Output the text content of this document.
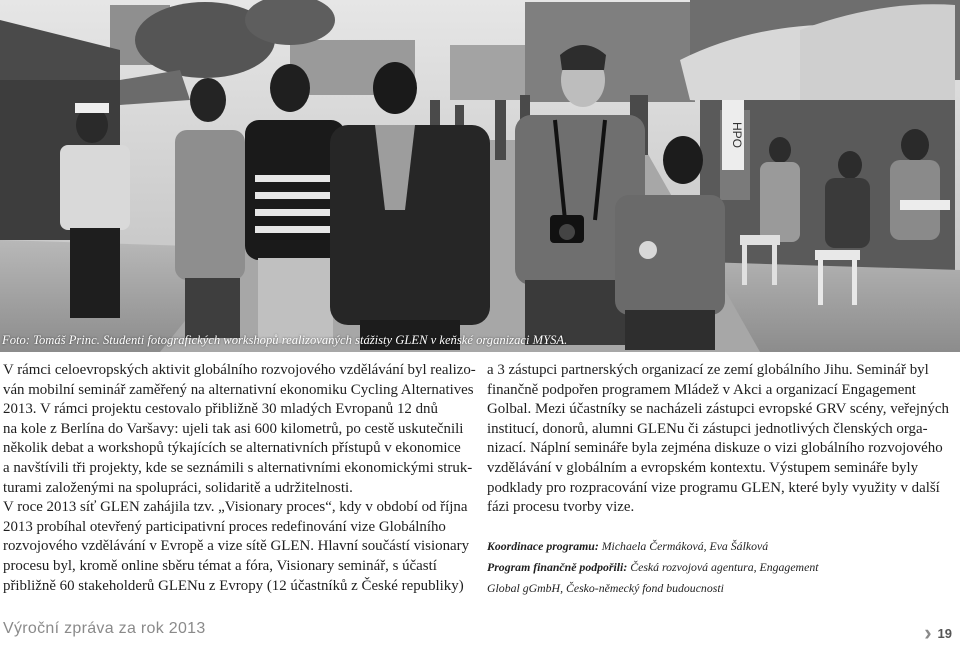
HPO
Foto: Tomáš Princ. Studenti fotografických workshopů realizovaných stážisty GLEN v keňské organizaci MYSA.

V rámci celoevropských aktivit globálního rozvojového vzdělávání byl realizo-

ván mobilní seminář zaměřený na alternativní ekonomiku Cycling Alternatives

2013. V rámci projektu cestovalo přibližně 30 mladých Evropanů 12 dnů

na kole z Berlína do Varšavy: ujeli tak asi 600 kilometrů, po cestě uskutečnili

několik debat a workshopů týkajících se alternativních přístupů v ekonomice

a navštívili tři projekty, kde se seznámili s alternativními ekonomickými struk-

turami založenými na spolupráci, solidaritě a udržitelnosti.

V roce 2013 síť GLEN zahájila tzv. „Visionary proces“, kdy v období od října

2013 probíhal otevřený participativní proces redefinování vize Globálního

rozvojového vzdělávání v Evropě a vize sítě GLEN. Hlavní součástí visionary

procesu byl, kromě online sběru témat a fóra, Visionary seminář, s účastí

přibližně 60 stakeholderů GLENu z Evropy (12 účastníků z České republiky)

a 3 zástupci partnerských organizací ze zemí globálního Jihu. Seminář byl

finančně podpořen programem Mládež v Akci a organizací Engagement

Golbal. Mezi účastníky se nacházeli zástupci evropské GRV scény, veřejných

institucí, donorů, alumni GLENu či zástupci jednotlivých členských orga-

nizací. Náplní semináře byla zejména diskuze o vizi globálního rozvojového

vzdělávání v globálním a evropském kontextu. Výstupem semináře byly

podklady pro rozpracování vize programu GLEN, které byly využity v další

fázi procesu tvorby vize.

Koordinace programu: Michaela Čermáková, Eva Šálková

Program finančně podpořili: Česká rozvojová agentura, Engagement

Global gGmbH, Česko-německý fond budoucnosti

Výroční zpráva za rok 2013	› 19
